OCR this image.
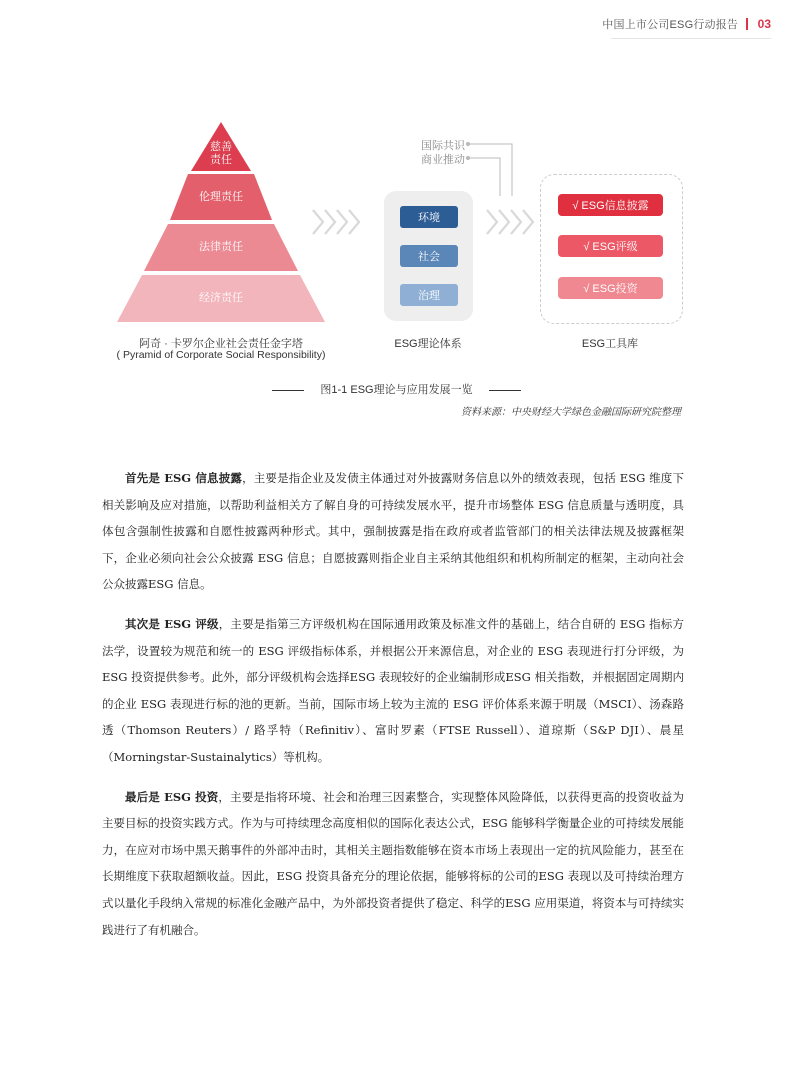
中国上市公司ESG行动报告 03
慈善
责任
伦理责任
法律责任
经济责任
阿奇 · 卡罗尔企业社会责任金字塔
( Pyramid of Corporate Social Responsibility)
环境
社会
治理
ESG理论体系
国际共识
商业推动
√ ESG信息披露
√ ESG评级
√ ESG投资
ESG工具库
图1-1 ESG理论与应用发展一览
资料来源：中央财经大学绿色金融国际研究院整理

首先是 ESG 信息披露，主要是指企业及发债主体通过对外披露财务信息以外的绩效表现，包括 ESG 维度下相关影响及应对措施，以帮助利益相关方了解自身的可持续发展水平，提升市场整体 ESG 信息质量与透明度，具体包含强制性披露和自愿性披露两种形式。其中，强制披露是指在政府或者监管部门的相关法律法规及披露框架下，企业必须向社会公众披露 ESG 信息；自愿披露则指企业自主采纳其他组织和机构所制定的框架，主动向社会公众披露ESG 信息。

其次是 ESG 评级，主要是指第三方评级机构在国际通用政策及标准文件的基础上，结合自研的 ESG 指标方法学，设置较为规范和统一的 ESG 评级指标体系，并根据公开来源信息，对企业的 ESG 表现进行打分评级，为ESG 投资提供参考。此外，部分评级机构会选择ESG 表现较好的企业编制形成ESG 相关指数，并根据固定周期内的企业 ESG 表现进行标的池的更新。当前，国际市场上较为主流的 ESG 评价体系来源于明晟（MSCI）、汤森路透（Thomson Reuters）/ 路孚特（Refinitiv）、富时罗素（FTSE Russell）、道琼斯（S&P DJI）、晨星（Morningstar-Sustainalytics）等机构。

最后是 ESG 投资，主要是指将环境、社会和治理三因素整合，实现整体风险降低，以获得更高的投资收益为主要目标的投资实践方式。作为与可持续理念高度相似的国际化表达公式，ESG 能够科学衡量企业的可持续发展能力，在应对市场中黑天鹅事件的外部冲击时，其相关主题指数能够在资本市场上表现出一定的抗风险能力，甚至在长期维度下获取超额收益。因此，ESG 投资具备充分的理论依据，能够将标的公司的ESG 表现以及可持续治理方式以量化手段纳入常规的标准化金融产品中，为外部投资者提供了稳定、科学的ESG 应用渠道，将资本与可持续实践进行了有机融合。
